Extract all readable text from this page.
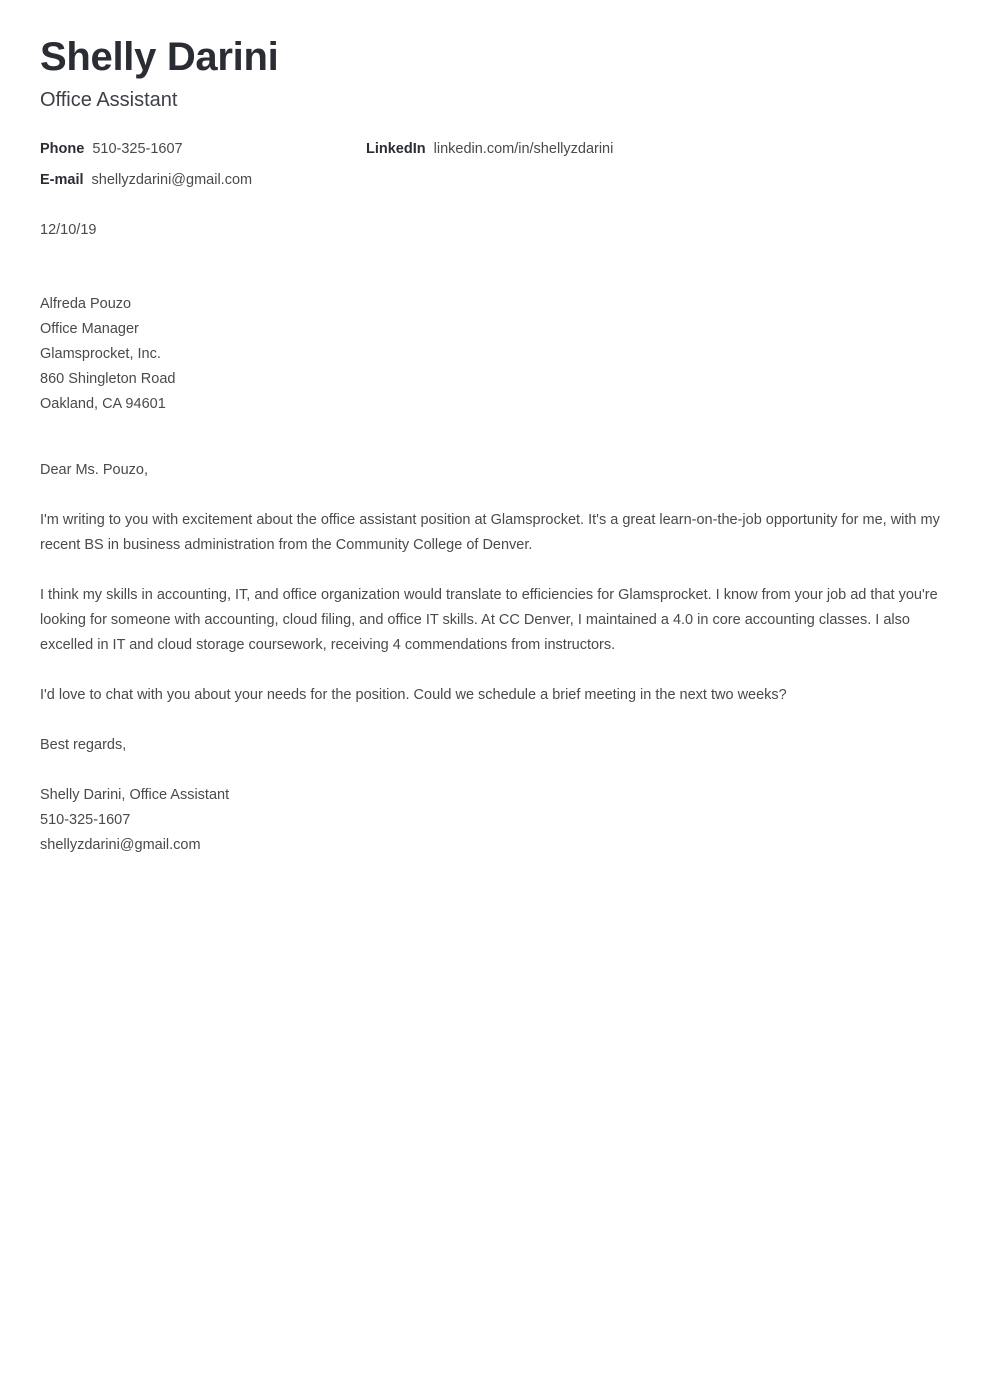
Shelly Darini
Office Assistant
Phone 510-325-1607	LinkedIn linkedin.com/in/shellyzdarini
E-mail shellyzdarini@gmail.com
12/10/19
Alfreda Pouzo
Office Manager
Glamsprocket, Inc.
860 Shingleton Road
Oakland, CA 94601

Dear Ms. Pouzo,

I'm writing to you with excitement about the office assistant position at Glamsprocket. It's a great learn-on-the-job opportunity for me, with my recent BS in business administration from the Community College of Denver.

I think my skills in accounting, IT, and office organization would translate to efficiencies for Glamsprocket. I know from your job ad that you're looking for someone with accounting, cloud filing, and office IT skills. At CC Denver, I maintained a 4.0 in core accounting classes. I also excelled in IT and cloud storage coursework, receiving 4 commendations from instructors.

I'd love to chat with you about your needs for the position. Could we schedule a brief meeting in the next two weeks?

Best regards,

Shelly Darini, Office Assistant
510-325-1607
shellyzdarini@gmail.com
